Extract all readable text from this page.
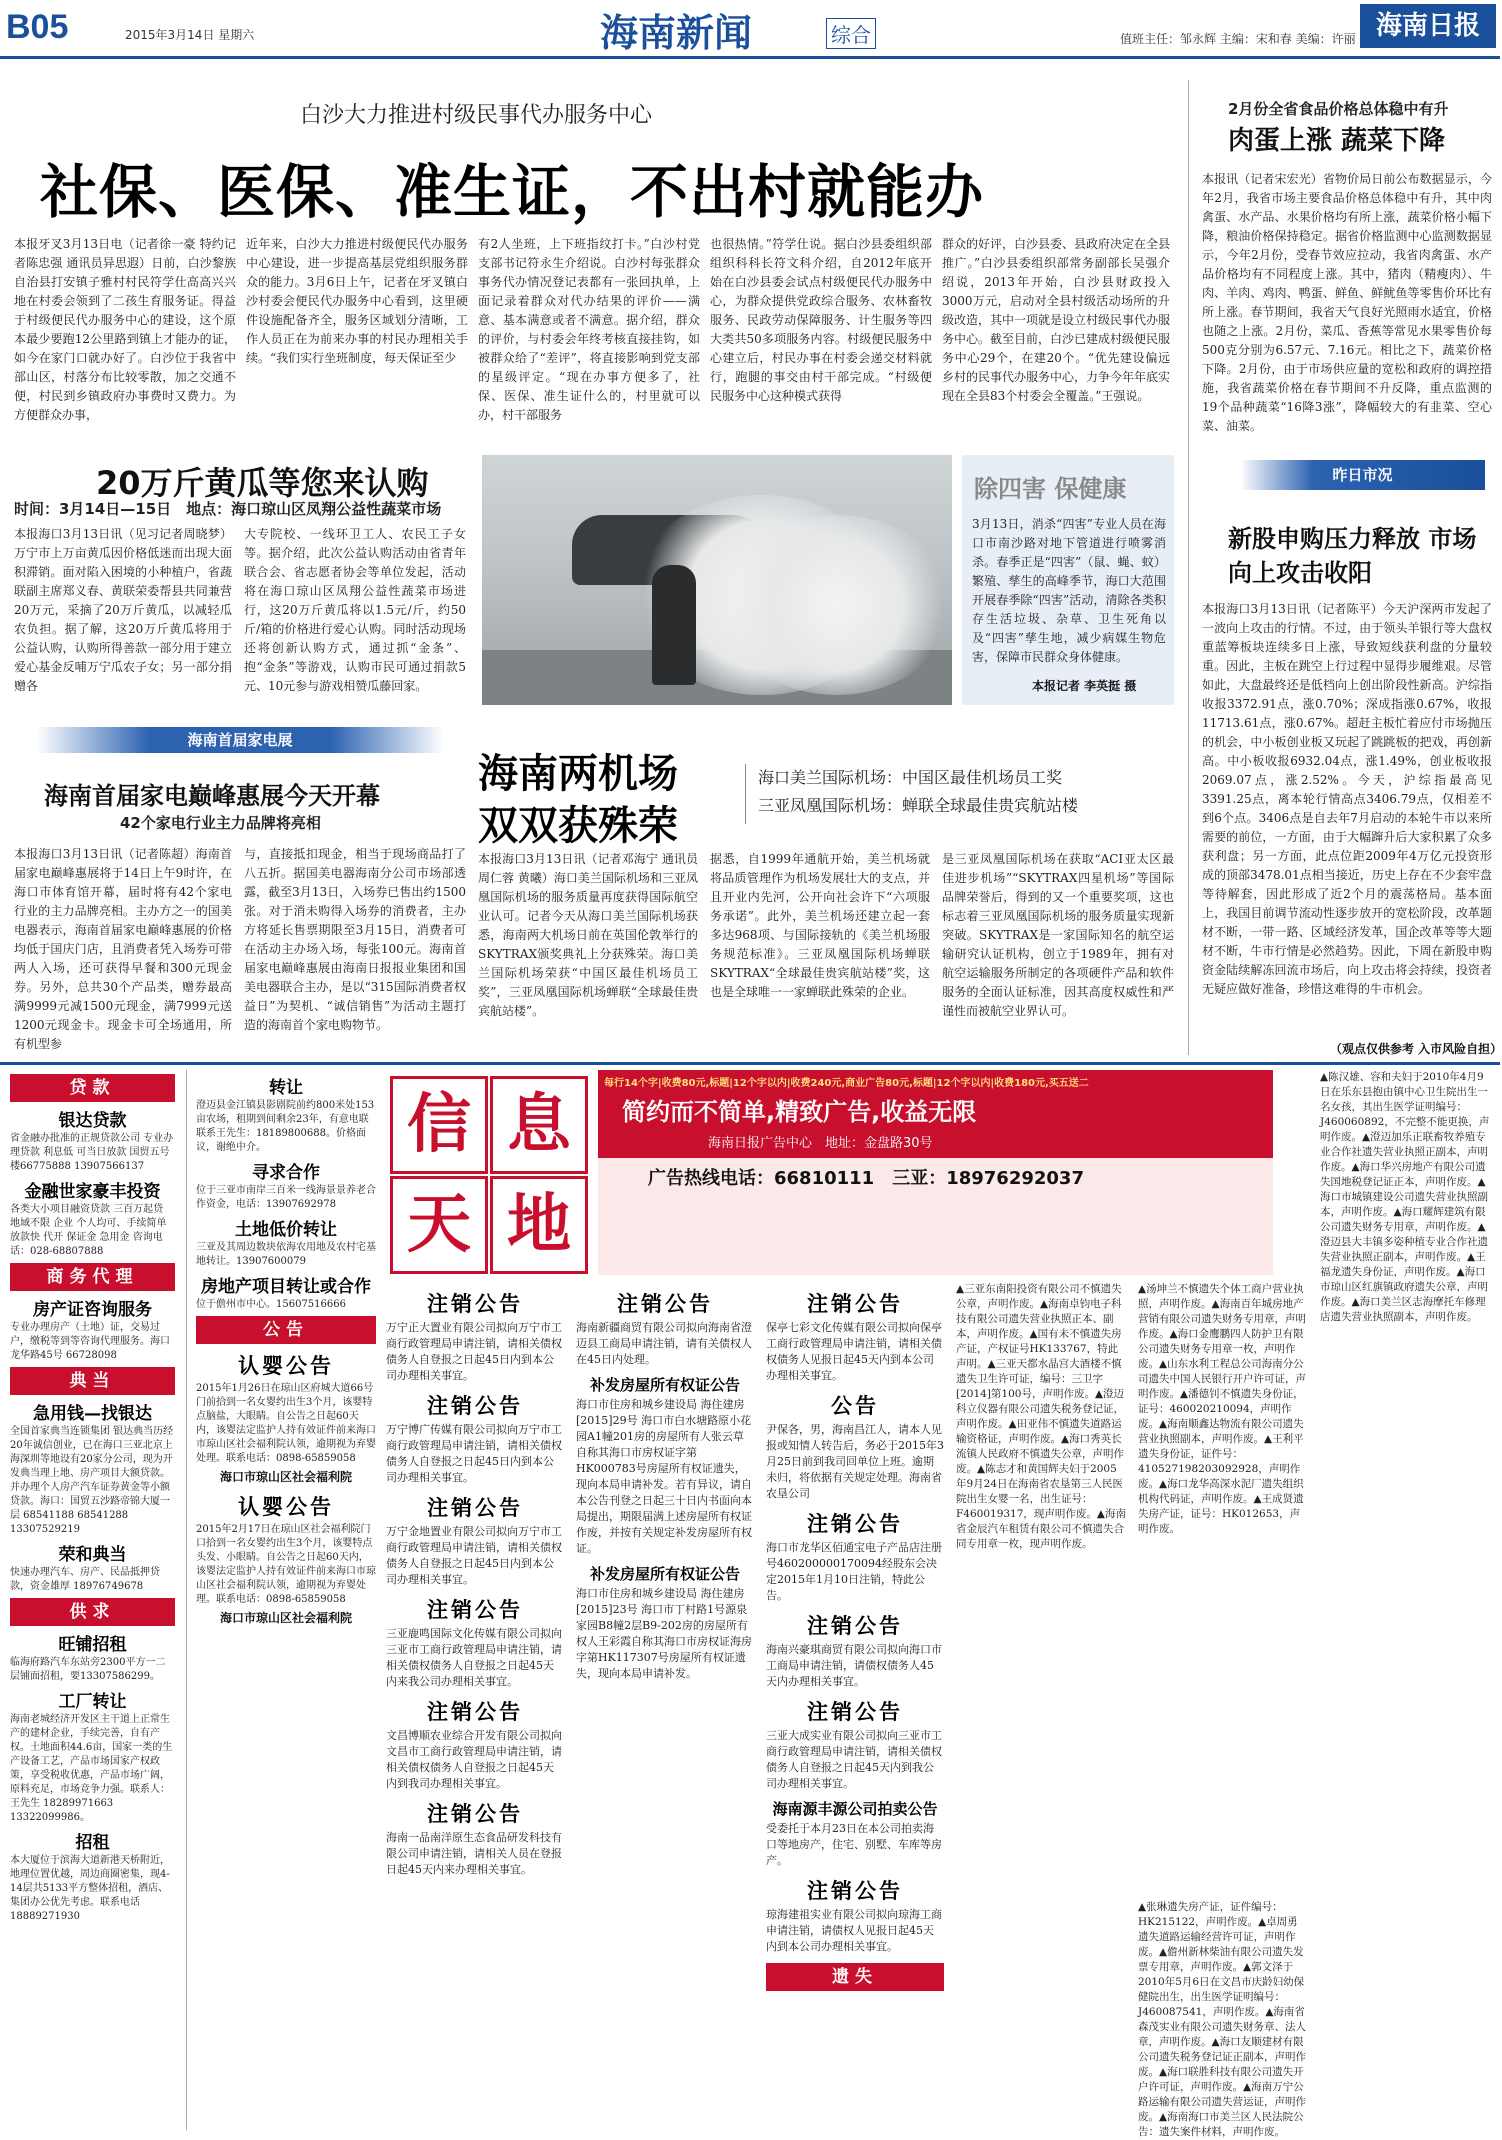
B05	2015年3月14日 星期六	海南新闻	综合	值班主任：邹永辉 主编：宋和春 美编：许丽 海南日报
白沙大力推进村级民事代办服务中心
社保、医保、准生证，不出村就能办
本报牙叉3月13日电（记者徐一豪 特约记者陈忠强 通讯员异思遐）日前，白沙黎族自治县打安镇子雅村村民符学仕高高兴兴地在村委会领到了二孩生育服务证。得益于村级便民代办服务中心的建设，这个原本最少要跑12公里路到镇上才能办的证，如今在家门口就办好了。白沙位于我省中部山区，村落分布比较零散，加之交通不便，村民到乡镇政府办事费时又费力。为方便群众办事，
近年来，白沙大力推进村级便民代办服务中心建设，进一步提高基层党组织服务群众的能力。3月6日上午，记者在牙叉镇白沙村委会便民代办服务中心看到，这里硬件设施配备齐全，服务区域划分清晰，工作人员正在为前来办事的村民办理相关手续。“我们实行坐班制度，每天保证至少
有2人坐班，上下班指纹打卡。”白沙村党支部书记符永生介绍说。白沙村每张群众事务代办情况登记表都有一张回执单，上面记录着群众对代办结果的评价——满意、基本满意或者不满意。据介绍，群众的评价，与村委会年终考核直接挂钩，如被群众给了“差评”，将直接影响到党支部的星级评定。“现在办事方便多了，社保、医保、准生证什么的，村里就可以办，村干部服务
也很热情。”符学仕说。据白沙县委组织部组织科科长符文科介绍，自2012年底开始在白沙县委会试点村级便民代办服务中心，为群众提供党政综合服务、农林畜牧服务、民政劳动保障服务、计生服务等四大类共50多项服务内容。村级便民服务中心建立后，村民办事在村委会递交材料就行，跑腿的事交由村干部完成。“村级便民服务中心这种模式获得
群众的好评，白沙县委、县政府决定在全县推广。”白沙县委组织部常务副部长吴强介绍说，2013年开始，白沙县财政投入3000万元，启动对全县村级活动场所的升级改造，其中一项就是设立村级民事代办服务中心。截至目前，白沙已建成村级便民服务中心29个，在建20个。“优先建设偏远乡村的民事代办服务中心，力争今年年底实现在全县83个村委会全覆盖。”王强说。
2月份全省食品价格总体稳中有升
肉蛋上涨 蔬菜下降
本报讯（记者宋宏光）省物价局日前公布数据显示，今年2月，我省市场主要食品价格总体稳中有升，其中肉禽蛋、水产品、水果价格均有所上涨，蔬菜价格小幅下降，粮油价格保持稳定。据省价格监测中心监测数据显示，今年2月份，受春节效应拉动，我省肉禽蛋、水产品价格均有不同程度上涨。其中，猪肉（精瘦肉）、牛肉、羊肉、鸡肉、鸭蛋、鲜鱼、鲜鱿鱼等零售价环比有所上涨。春节期间，我省天气良好光照雨水适宜，价格也随之上涨。2月份，菜瓜、香蕉等常见水果零售价每500克分别为6.57元、7.16元。相比之下，蔬菜价格下降。2月份，由于市场供应量的宽松和政府的调控措施，我省蔬菜价格在春节期间不升反降，重点监测的19个品种蔬菜“16降3涨”，降幅较大的有韭菜、空心菜、油菜。
20万斤黄瓜等您来认购
时间：3月14日—15日　地点：海口琼山区凤翔公益性蔬菜市场
本报海口3月13日讯（见习记者周晓梦）万宁市上万亩黄瓜因价格低迷而出现大面积滞销。面对陷入困境的小种植户，省蔬联副主席郑义春、黄联荣委帮县共同兼营20万元，采摘了20万斤黄瓜，以减轻瓜农负担。据了解，这20万斤黄瓜将用于公益认购，认购所得善款一部分用于建立爱心基金反哺万宁瓜农子女；另一部分捐赠各
大专院校、一线环卫工人、农民工子女等。据介绍，此次公益认购活动由省青年联合会、省志愿者协会等单位发起，活动将在海口琼山区凤翔公益性蔬菜市场进行，这20万斤黄瓜将以1.5元/斤，约50斤/箱的价格进行爱心认购。同时活动现场还将创新认购方式，通过抓“金条”、抱“金条”等游戏，认购市民可通过捐款5元、10元参与游戏相赞瓜藤回家。
除四害 保健康
3月13日，消杀“四害”专业人员在海口市南沙路对地下管道进行喷雾消杀。春季正是“四害”（鼠、蝇、蚊）繁殖、孳生的高峰季节，海口大范围开展春季除“四害”活动，清除各类积存生活垃圾、杂草、卫生死角以及“四害”孳生地，减少病媒生物危害，保障市民群众身体健康。
本报记者 李英挺 摄
昨日市况
新股申购压力释放 市场向上攻击收阳
本报海口3月13日讯（记者陈平）今天沪深两市发起了一波向上攻击的行情。不过，由于领头羊银行等大盘权重蓝筹板块连续多日上涨，导致短线获利盘的分量较重。因此，主板在跳空上行过程中显得步履维艰。尽管如此，大盘最终还是低档向上创出阶段性新高。沪综指收报3372.91点，涨0.70%；深成指涨0.67%，收报11713.61点，涨0.67%。超赶主板忙着应付市场抛压的机会，中小板创业板又玩起了跳跳板的把戏，再创新高。中小板收报6932.04点，涨1.49%，创业板收报2069.07点，涨2.52%。今天，沪综指最高见3391.25点，离本轮行情高点3406.79点，仅相差不到6个点。3406点是自去年7月启动的本轮牛市以来所需要的前位，一方面，由于大幅蹿升后大家积累了众多获利盘；另一方面，此点位距2009年4万亿元投资形成的顶部3478.01点相当接近，历史上存在不少套牢盘等待解套，因此形成了近2个月的震荡格局。基本面上，我国目前调节流动性逐步放开的宽松阶段，改革题材不断，一带一路、区域经济发革，国企改革等等大题材不断，牛市行情是必然趋势。因此，下周在新股申购资金陆续解冻回流市场后，向上攻击将会持续，投资者无疑应做好准备，珍惜这难得的牛市机会。
（观点仅供参考 入市风险自担）
海南首届家电展
海南首届家电巅峰惠展今天开幕
42个家电行业主力品牌将亮相
本报海口3月13日讯（记者陈超）海南首届家电巅峰惠展将于14日上午9时许，在海口市体育馆开幕，届时将有42个家电行业的主力品牌亮相。主办方之一的国美电器表示，海南首届家电巅峰惠展的价格均低于国庆门店，且消费者凭入场券可带两人入场，还可获得早餐和300元现金券。另外，总共30个产品类，赠券最高满9999元减1500元现金，满7999元送1200元现金卡。现金卡可全场通用，所有机型参
与，直接抵扣现金，相当于现场商品打了八五折。据国美电器海南分公司市场部透露，截至3月13日，入场券已售出约1500张。对于消未购得入场券的消费者，主办方将延长售票期限至3月15日，消费者可在活动主办场入场，每张100元。海南首届家电巅峰惠展由海南日报报业集团和国美电器联合主办，是以“315国际消费者权益日”为契机、“诚信销售”为活动主题打造的海南首个家电购物节。
海南两机场 双双获殊荣
海口美兰国际机场：中国区最佳机场员工奖
三亚凤凰国际机场：蝉联全球最佳贵宾航站楼
本报海口3月13日讯（记者邓海宁 通讯员周仁蓉 黄曦）海口美兰国际机场和三亚凤凰国际机场的服务质量再度获得国际航空业认可。记者今天从海口美兰国际机场获悉，海南两大机场日前在英国伦敦举行的SKYTRAX颁奖典礼上分获殊荣。海口美兰国际机场荣获“中国区最佳机场员工奖”，三亚凤凰国际机场蝉联“全球最佳贵宾航站楼”。
据悉，自1999年通航开始，美兰机场就将品质管理作为机场发展壮大的支点，并且开业内先河，公开向社会许下“六项服务承诺”。此外，美兰机场还建立起一套多达968项、与国际接轨的《美兰机场服务规范标准》。三亚凤凰国际机场蝉联SKYTRAX“全球最佳贵宾航站楼”奖，这也是全球唯一一家蝉联此殊荣的企业。
是三亚凤凰国际机场在获取“ACI亚太区最佳进步机场”“SKYTRAX四星机场”等国际品牌荣誉后，得到的又一个重要奖项，这也标志着三亚凤凰国际机场的服务质量实现新突破。SKYTRAX是一家国际知名的航空运输研究认证机构，创立于1989年，拥有对航空运输服务所制定的各项硬件产品和软件服务的全面认证标准，因其高度权威性和严谨性而被航空业界认可。
贷款
银达贷款
省金融办批准的正规贷款公司 专业办理贷款 利息低 可当日放款 国贸五号楼66775888 13907566137
金融世家豪丰投资
各类大小项目融资贷款 三百万起贷 地域不限 企业 个人均可、手续简单 放款快 代开 保证金 急用金 咨询电话：028-68807888
商务代理
房产证咨询服务
专业办理房产（土地）证，交易过户，缴税等到等咨询代理服务。海口龙华路45号 66728098
典当
急用钱—找银达
全国首家典当连锁集团 银达典当历经20年诚信创业，已在海口三亚北京上海深圳等地设有20家分公司，现为开发典当理上地、房产项目大额贷款。并办理个人房产汽车证券黄金等小额贷款。海口：国贸五沙路帝锦大厦一层 68541188 68541288 13307529219
荣和典当
快速办理汽车、房产、民品抵押贷款，资金雄厚 18976749678
供求
旺铺招租
临海府路汽车东站旁2300平方一二层铺面招租，要13307586299。
工厂转让
海南老城经济开发区主干道上正常生产的建材企业，手续完善，自有产权。土地面积44.6亩，国家一类的生产设备工艺，产品市场国家产权政策，享受税收优惠，产品市场广阔，原料充足，市场竞争力强。联系人：王先生 18289971663 13322099986。
招租
本大厦位于滨海大道新港天桥附近，地理位置优越，周边商圈密集，现4-14层共5133平方整体招租，酒店、集团办公优先考虑。联系电话18889271930
转让
澄迈县金江镇县影剧院前约800米处153亩农场，租期到间剩余23年，有意电联联系王先生：18189800688。价格面议，谢绝中介。
寻求合作
位于三亚市南岸三百米一线海景景养老合作资金，电话：13907692978
土地低价转让
三亚及其周边数块依海农用地及农村宅基地转让。13907600079
房地产项目转让或合作
位于儋州市中心。15607516666
公告
认婴公告
2015年1月26日在琼山区府城大道66号门前拾到一名女婴约出生3个月，该婴特点脑盐，大眼睛。自公告之日起60天内，该婴法定监护人持有效证件前来海口市琼山区社会福利院认领，逾期视为弃婴处理。联系电话：0898-65859058
海口市琼山区社会福利院
认婴公告
2015年2月17日在琼山区社会福利院门口拾到一名女婴约出生3个月，该婴特点头发、小眼睛。自公告之日起60天内，该婴法定监护人持有效证件前来海口市琼山区社会福利院认领，逾期视为弃婴处理。联系电话：0898-65859058
海口市琼山区社会福利院
信 息
天 地
每行14个字|收费80元,标题|12个字以内|收费240元,商业广告80元,标题|12个字以内|收费180元,买五送二
简约而不简单,精致广告,收益无限
海南日报广告中心　地址：金盘路30号
广告热线电话：66810111　三亚：18976292037
注销公告
万宁正大置业有限公司拟向万宁市工商行政管理局申请注销，请相关债权债务人自登报之日起45日内到本公司办理相关事宜。
注销公告
万宁博广传媒有限公司拟向万宁市工商行政管理局申请注销，请相关债权债务人自登报之日起45日内到本公司办理相关事宜。
注销公告
万宁金地置业有限公司拟向万宁市工商行政管理局申请注销，请相关债权债务人自登报之日起45日内到本公司办理相关事宜。
注销公告
三亚鹿鸣国际文化传媒有限公司拟向三亚市工商行政管理局申请注销，请相关债权债务人自登报之日起45天内来我公司办理相关事宜。
注销公告
文昌博顺农业综合开发有限公司拟向文昌市工商行政管理局申请注销，请相关债权债务人自登报之日起45天内到我司办理相关事宜。
注销公告
海南一品南洋原生态食品研发科技有限公司申请注销，请相关人员在登报日起45天内来办理相关事宜。
注销公告
海南新疆商贸有限公司拟向海南省澄迈县工商局申请注销，请有关债权人在45日内处理。
补发房屋所有权证公告
海口市住房和城乡建设局 海住建房[2015]29号 海口市白水塘路原小花园A1幢201房的房屋所有人张云草自称其海口市房权证字第HK000783号房屋所有权证遗失，现向本局申请补发。若有异议，请自本公告刊登之日起三十日内书面向本局提出，期限届满上述房屋所有权证作废，并按有关规定补发房屋所有权证。
补发房屋所有权证公告
海口市住房和城乡建设局 海住建房[2015]23号 海口市丁村路1号源泉家园B8幢2层B9-202房的房屋所有权人王彩霞自称其海口市房权证海房字第HK117307号房屋所有权证遗失，现向本局申请补发。
注销公告
保亭七彩文化传媒有限公司拟向保亭工商行政管理局申请注销，请相关债权债务人见报日起45天内到本公司办理相关事宜。
公告
尹保各，男，海南昌江人，请本人见报或知情人转告后，务必于2015年3月25日前到我司回单位上班。逾期未归，将依据有关规定处理。海南省农垦公司
注销公告
海口市龙华区佰通宝电子产品店注册号460200000170094经股东会决定2015年1月10日注销，特此公告。
注销公告
海南兴豪琪商贸有限公司拟向海口市工商局申请注销，请债权债务人45天内办理相关事宜。
注销公告
三亚大成实业有限公司拟向三亚市工商行政管理局申请注销，请相关债权债务人自登报之日起45天内到我公司办理相关事宜。
海南源丰源公司拍卖公告
受委托于本月23日在本公司拍卖海口等地房产，住宅、别墅、车库等房产。
注销公告
琼海建祖实业有限公司拟向琼海工商申请注销，请债权人见报日起45天内到本公司办理相关事宜。
遗失
▲三亚东南阳投资有限公司不慎遗失公章，声明作废。▲海南卓钧电子科技有限公司遗失营业执照正本、副本，声明作废。▲国有未不慎遗失房产证，产权证号HK133767，特此声明。▲三亚天都水晶宫大酒楼不慎遗失卫生许可证，编号：三卫字[2014]第100号，声明作废。▲澄迈科立仪器有限公司遗失税务登记证，声明作废。▲田亚伟不慎遗失道路运输资格证，声明作废。▲海口秀英长流镇人民政府不慎遗失公章，声明作废。▲陈志才和黄国辉夫妇于2005年9月24日在海南省农垦第三人民医院出生女婴一名，出生证号：F460019317，现声明作废。▲海南省金辰汽车租赁有限公司不慎遗失合同专用章一枚，现声明作废。
▲汤坤兰不慎遗失个体工商户营业执照，声明作废。▲海南百年城房地产营销有限公司遗失财务专用章，声明作废。▲海口金鹰鹏四人防护卫有限公司遗失财务专用章一枚，声明作废。▲山东水利工程总公司海南分公司遗失中国人民银行开户许可证，声明作废。▲潘德钊不慎遗失身份证，证号：460020210094，声明作废。▲海南顺鑫达物流有限公司遗失营业执照副本，声明作废。▲王利平遗失身份证，证件号：410527198203092928，声明作废。▲海口龙华高深水泥厂遗失组织机构代码证，声明作废。▲王成贤遗失房产证，证号：HK012653，声明作废。
▲陈汉雄、容和夫妇于2010年4月9日在乐东县抱由镇中心卫生院出生一名女孩，其出生医学证明编号：J460060892，不完整不能更换，声明作废。▲澄迈加乐正联畜牧养殖专业合作社遗失营业执照正副本，声明作废。▲海口华兴房地产有限公司遗失国地税登记证正本，声明作废。▲海口市城镇建设公司遗失营业执照副本，声明作废。▲海口耀辉建筑有限公司遗失财务专用章，声明作废。▲澄迈县大丰镇多姿种植专业合作社遗失营业执照正副本，声明作废。▲王福龙遗失身份证，声明作废。▲海口市琼山区红旗镇政府遗失公章，声明作废。▲海口美兰区志海摩托车修理店遗失营业执照副本，声明作废。
▲张琳遗失房产证，证件编号：HK215122，声明作废。▲卓周勇遗失道路运输经营许可证，声明作废。▲儋州新林柴油有限公司遗失发票专用章，声明作废。▲郭文泽于2010年5月6日在文昌市庆龄妇幼保健院出生，出生医学证明编号：J460087541，声明作废。▲海南省森茂实业有限公司遗失财务章、法人章，声明作废。▲海口友顺建材有限公司遗失税务登记证正副本，声明作废。▲海口联胜科技有限公司遗失开户许可证，声明作废。▲海南万宁公路运输有限公司遗失营运证，声明作废。▲海南海口市美兰区人民法院公告：遗失案件材料，声明作废。
